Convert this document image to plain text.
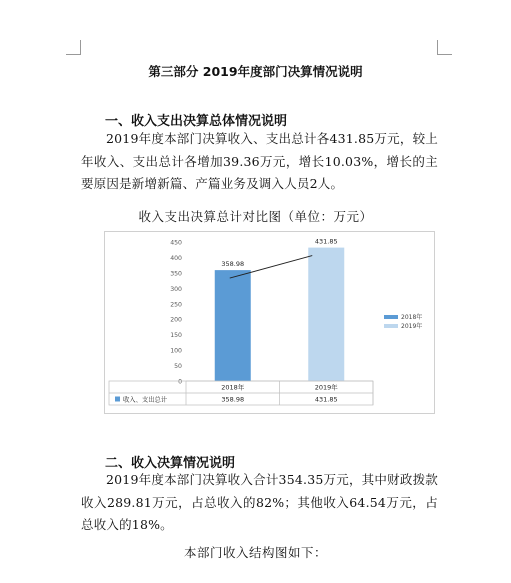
第三部分 2019年度部门决算情况说明
一、收入支出决算总体情况说明
2019年度本部门决算收入、支出总计各431.85万元，较上年收入、支出总计各增加39.36万元，增长10.03%，增长的主要原因是新增新篇、产篇业务及调入人员2人。
收入支出决算总计对比图（单位：万元）
0
50
100
150
200
250
300
350
400
450
358.98
431.85
2018年
358.98
2019年
431.85
收入、支出总计
2018年
2019年
二、收入决算情况说明
2019年度本部门决算收入合计354.35万元，其中财政拨款收入289.81万元，占总收入的82%；其他收入64.54万元，占总收入的18%。
本部门收入结构图如下：
